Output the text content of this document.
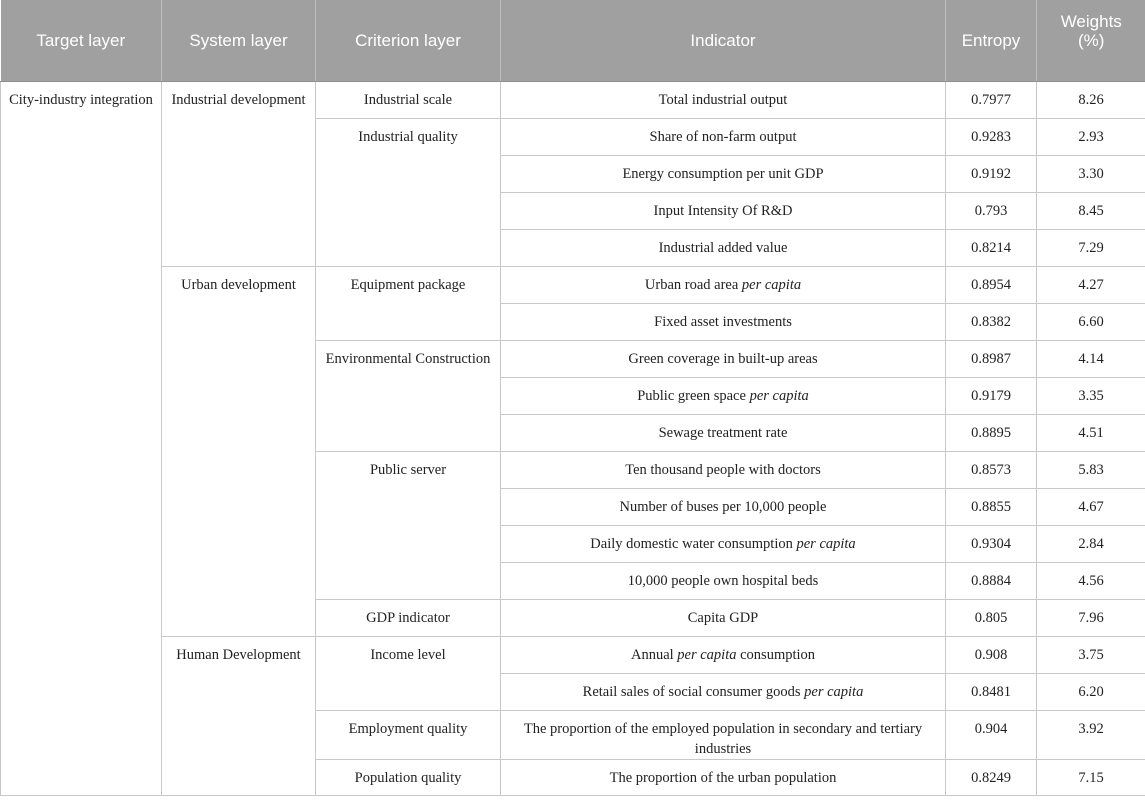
Target layer	System layer	Criterion layer	Indicator	Entropy	Weights
(%)

City-industry integration	Industrial development	Industrial scale	Total industrial output	0.7977	8.26
		Industrial quality	Share of non-farm output	0.9283	2.93
			Energy consumption per unit GDP	0.9192	3.30
			Input Intensity Of R&D	0.793	8.45
			Industrial added value	0.8214	7.29
	Urban development	Equipment package	Urban road area per capita	0.8954	4.27
			Fixed asset investments	0.8382	6.60
		Environmental Construction	Green coverage in built-up areas	0.8987	4.14
			Public green space per capita	0.9179	3.35
			Sewage treatment rate	0.8895	4.51
		Public server	Ten thousand people with doctors	0.8573	5.83
			Number of buses per 10,000 people	0.8855	4.67
			Daily domestic water consumption per capita	0.9304	2.84
			10,000 people own hospital beds	0.8884	4.56
		GDP indicator	Capita GDP	0.805	7.96
	Human Development	Income level	Annual per capita consumption	0.908	3.75
			Retail sales of social consumer goods per capita	0.8481	6.20
		Employment quality	The proportion of the employed population in secondary and tertiary industries	0.904	3.92
		Population quality	The proportion of the urban population	0.8249	7.15
